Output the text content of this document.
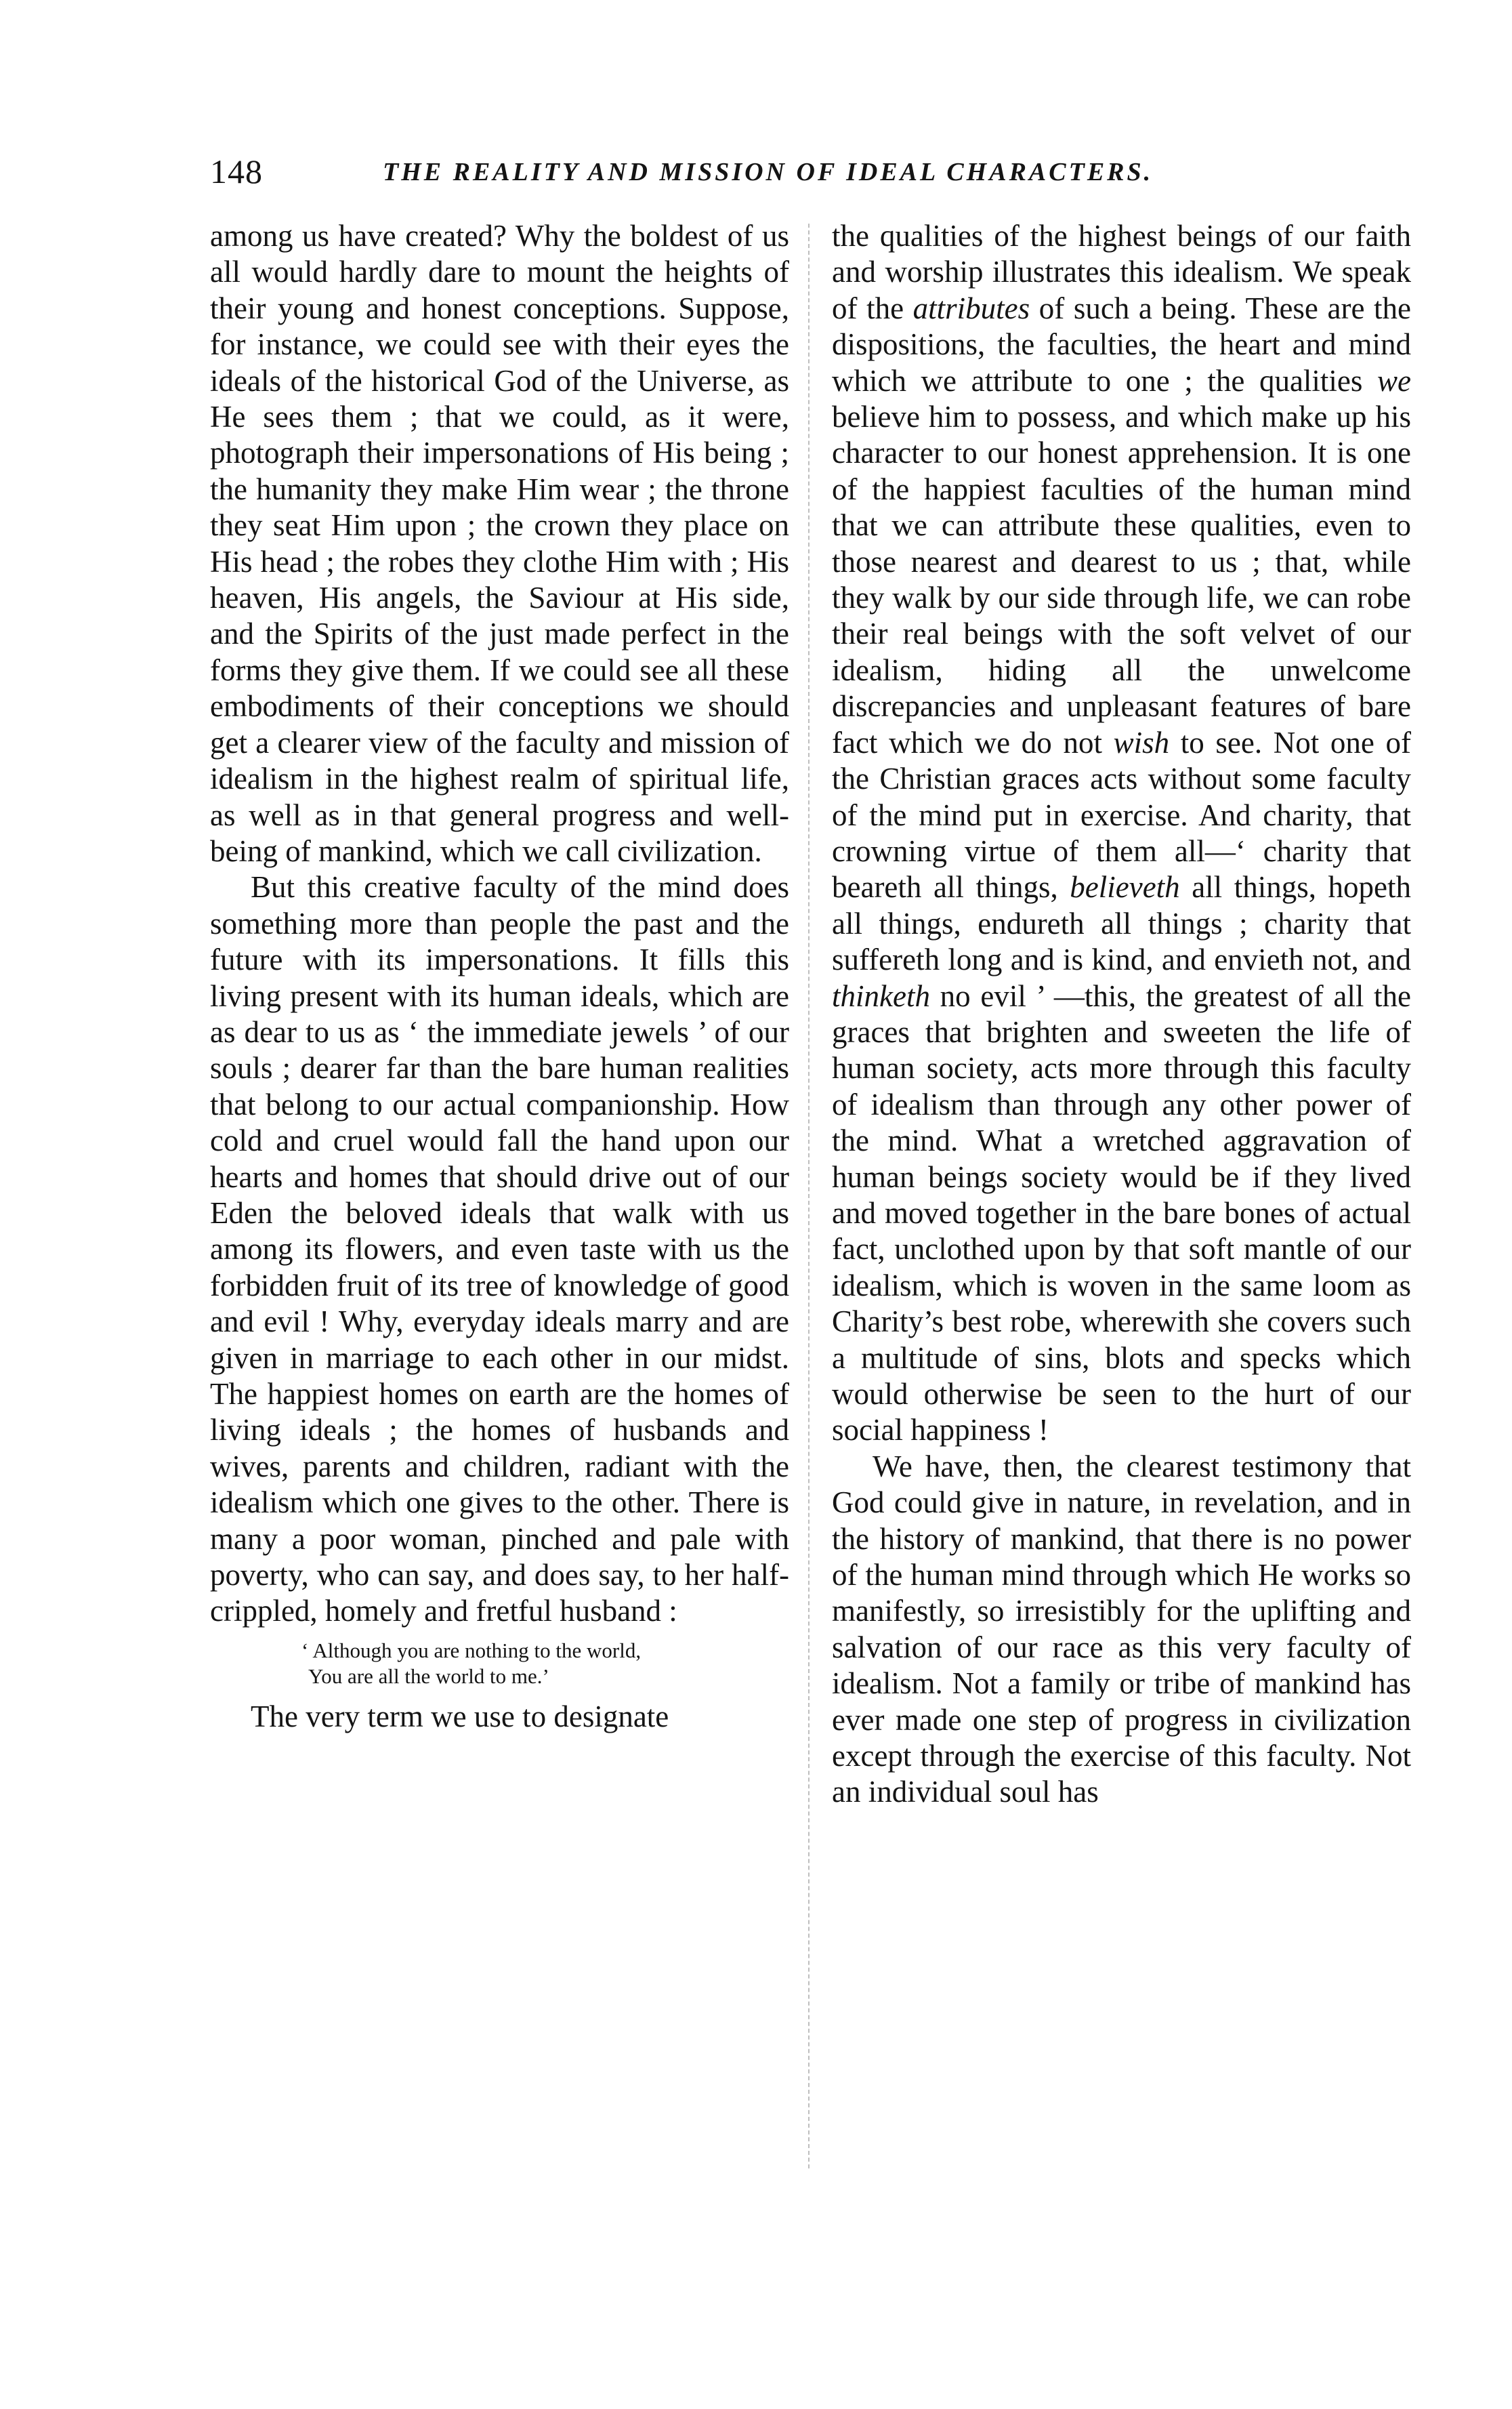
148	THE REALITY AND MISSION OF IDEAL CHARACTERS.

among us have created? Why the boldest of us all would hardly dare to mount the heights of their young and honest conceptions. Suppose, for instance, we could see with their eyes the ideals of the historical God of the Universe, as He sees them ; that we could, as it were, photograph their impersonations of His being ; the humanity they make Him wear ; the throne they seat Him upon ; the crown they place on His head ; the robes they clothe Him with ; His heaven, His angels, the Saviour at His side, and the Spirits of the just made perfect in the forms they give them. If we could see all these embodiments of their conceptions we should get a clearer view of the faculty and mission of idealism in the highest realm of spiritual life, as well as in that general progress and well-being of mankind, which we call civilization.

But this creative faculty of the mind does something more than people the past and the future with its impersonations. It fills this living present with its human ideals, which are as dear to us as ‘ the immediate jewels ’ of our souls ; dearer far than the bare human realities that belong to our actual companionship. How cold and cruel would fall the hand upon our hearts and homes that should drive out of our Eden the beloved ideals that walk with us among its flowers, and even taste with us the forbidden fruit of its tree of knowledge of good and evil ! Why, everyday ideals marry and are given in marriage to each other in our midst. The happiest homes on earth are the homes of living ideals ; the homes of husbands and wives, parents and children, radiant with the idealism which one gives to the other. There is many a poor woman, pinched and pale with poverty, who can say, and does say, to her half-crippled, homely and fretful husband :

‘ Although you are nothing to the world,
You are all the world to me.’

The very term we use to designate

the qualities of the highest beings of our faith and worship illustrates this idealism. We speak of the attributes of such a being. These are the dispositions, the faculties, the heart and mind which we attribute to one ; the qualities we believe him to possess, and which make up his character to our honest apprehension. It is one of the happiest faculties of the human mind that we can attribute these qualities, even to those nearest and dearest to us ; that, while they walk by our side through life, we can robe their real beings with the soft velvet of our idealism, hiding all the unwelcome discrepancies and unpleasant features of bare fact which we do not wish to see. Not one of the Christian graces acts without some faculty of the mind put in exercise. And charity, that crowning virtue of them all—‘ charity that beareth all things, believeth all things, hopeth all things, endureth all things ; charity that suffereth long and is kind, and envieth not, and thinketh no evil ’ —this, the greatest of all the graces that brighten and sweeten the life of human society, acts more through this faculty of idealism than through any other power of the mind. What a wretched aggravation of human beings society would be if they lived and moved together in the bare bones of actual fact, unclothed upon by that soft mantle of our idealism, which is woven in the same loom as Charity’s best robe, wherewith she covers such a multitude of sins, blots and specks which would otherwise be seen to the hurt of our social happiness !

We have, then, the clearest testimony that God could give in nature, in revelation, and in the history of mankind, that there is no power of the human mind through which He works so manifestly, so irresistibly for the uplifting and salvation of our race as this very faculty of idealism. Not a family or tribe of mankind has ever made one step of progress in civilization except through the exercise of this faculty. Not an individual soul has
